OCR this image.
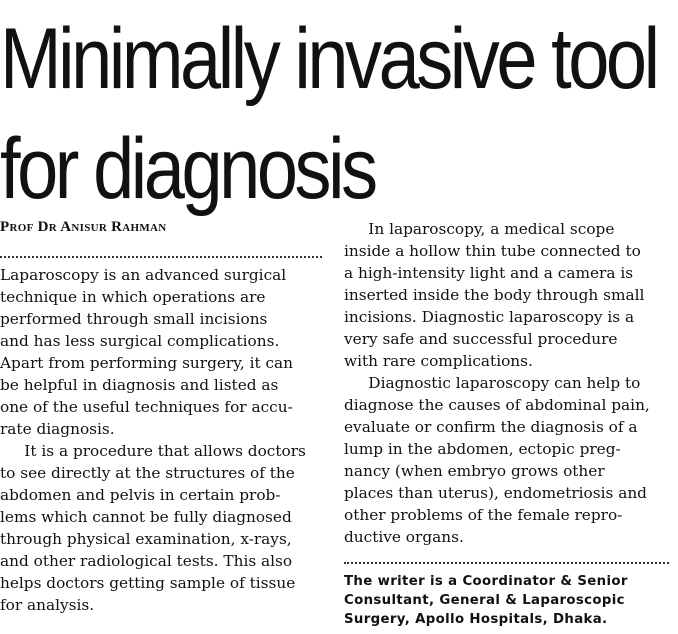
Minimally invasive tool
for diagnosis
Prof Dr Anisur Rahman
Laparoscopy is an advanced surgical
technique in which operations are
performed through small incisions
and has less surgical complications.
Apart from performing surgery, it can
be helpful in diagnosis and listed as
one of the useful techniques for accu-
rate diagnosis.
It is a procedure that allows doctors
to see directly at the structures of the
abdomen and pelvis in certain prob-
lems which cannot be fully diagnosed
through physical examination, x-rays,
and other radiological tests. This also
helps doctors getting sample of tissue
for analysis.
In laparoscopy, a medical scope
inside a hollow thin tube connected to
a high-intensity light and a camera is
inserted inside the body through small
incisions. Diagnostic laparoscopy is a
very safe and successful procedure
with rare complications.
Diagnostic laparoscopy can help to
diagnose the causes of abdominal pain,
evaluate or confirm the diagnosis of a
lump in the abdomen, ectopic preg-
nancy (when embryo grows other
places than uterus), endometriosis and
other problems of the female repro-
ductive organs.
The writer is a Coordinator & Senior
Consultant, General & Laparoscopic
Surgery, Apollo Hospitals, Dhaka.
